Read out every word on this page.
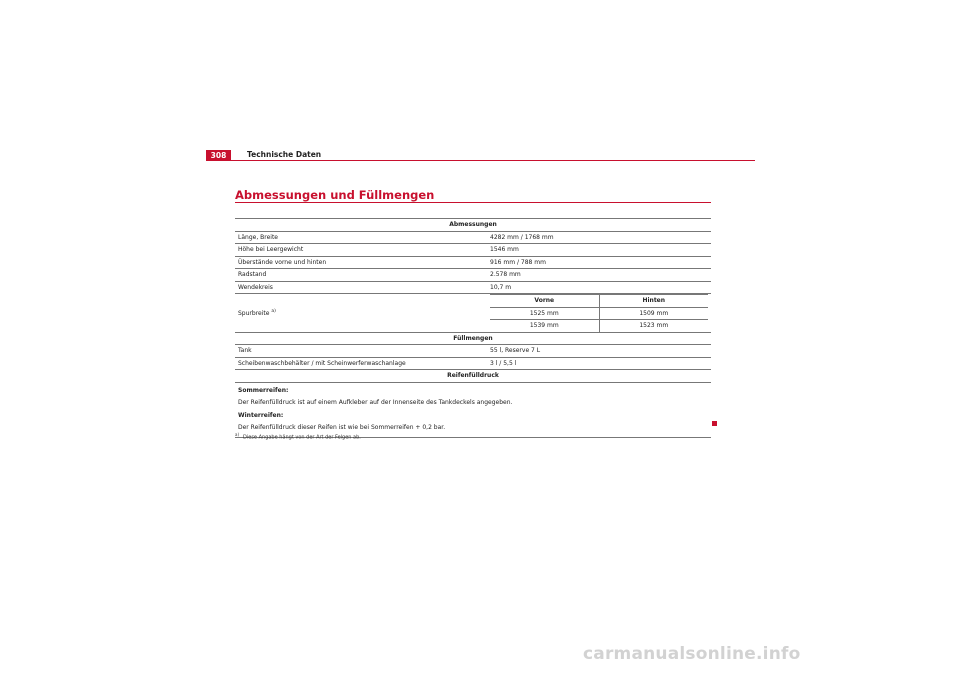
308	Technische Daten
Abmessungen und Füllmengen
Abmessungen
Länge, Breite	4282 mm / 1768 mm
Höhe bei Leergewicht	1546 mm
Überstände vorne und hinten	916 mm / 788 mm
Radstand	2.578 mm
Wendekreis	10,7 m
Spurbreite $^{a)}$	
Vorne	Hinten
1525 mm	1509 mm
1539 mm	1523 mm

Füllmengen
Tank	55 l, Reserve 7 L
Scheibenwaschbehälter / mit Scheinwerferwaschanlage	3 l / 5,5 l
Reifenfülldruck

Sommerreifen:
Der Reifenfülldruck ist auf einem Aufkleber auf der Innenseite des Tankdeckels angegeben.
Winterreifen:
Der Reifenfülldruck dieser Reifen ist wie bei Sommerreifen + 0,2 bar.
$^{a)}$Diese Angabe hängt von der Art der Felgen ab.
carmanualsonline.info
